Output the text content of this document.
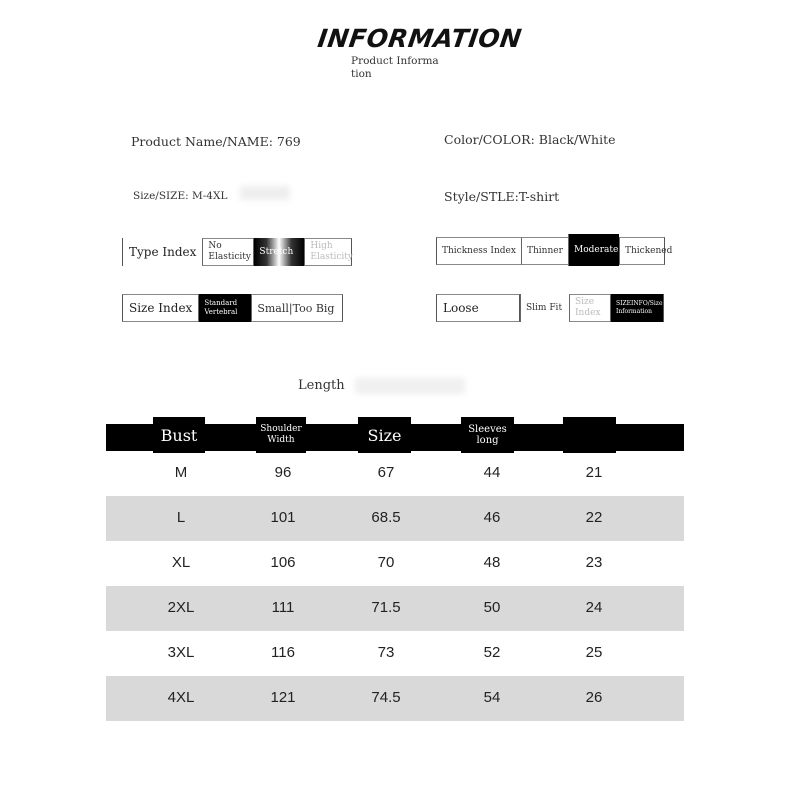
INFORMATION
Product Information
Product Name/NAME: 769	Color/COLOR: Black/White
Size/SIZE: M-4XL	Style/STLE:T-shirt
Type Index	No Elasticity
Stretch
High Elasticity
Thickness Index	Thinner	Moderate Thickened
Size Index	Standard Vertebral	Small|Too Big	Loose	Slim Fit
Size Index
SIZEINFO/Size Information
Length
Bust	Shoulder Width	Size	Sleeves long
M	96	67	44	21
L	101	68.5	46	22
XL	106	70	48	23
2XL	111	71.5	50	24
3XL	116	73	52	25
4XL	121	74.5	54	26
